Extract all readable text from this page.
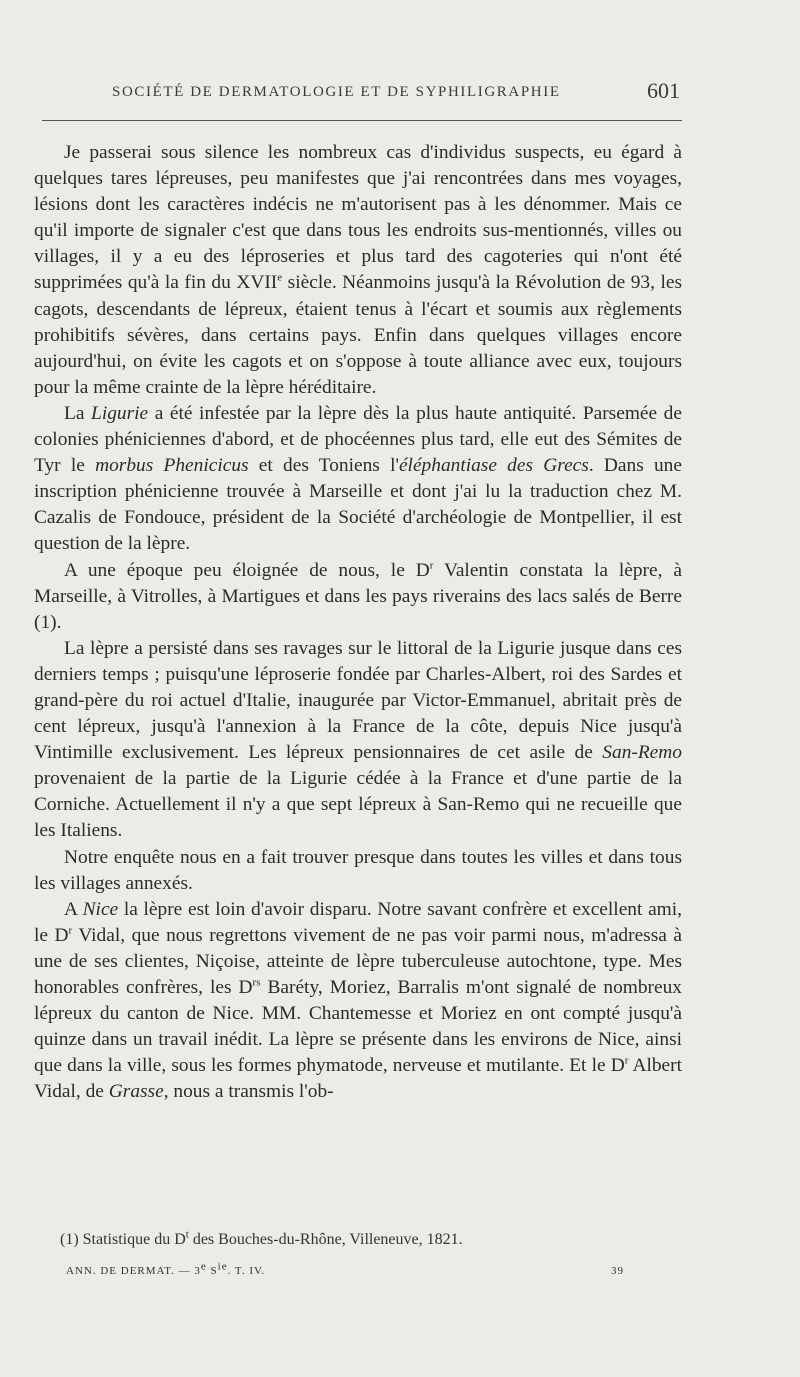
SOCIÉTÉ DE DERMATOLOGIE ET DE SYPHILIGRAPHIE	601

Je passerai sous silence les nombreux cas d'individus suspects, eu égard à quelques tares lépreuses, peu manifestes que j'ai rencontrées dans mes voyages, lésions dont les caractères indécis ne m'autorisent pas à les dénommer. Mais ce qu'il importe de signaler c'est que dans tous les endroits sus-mentionnés, villes ou villages, il y a eu des léproseries et plus tard des cagoteries qui n'ont été supprimées qu'à la fin du XVIIe siècle. Néanmoins jusqu'à la Révolution de 93, les cagots, descendants de lépreux, étaient tenus à l'écart et soumis aux règlements prohibitifs sévères, dans certains pays. Enfin dans quelques villages encore aujourd'hui, on évite les cagots et on s'oppose à toute alliance avec eux, toujours pour la même crainte de la lèpre héréditaire.

La Ligurie a été infestée par la lèpre dès la plus haute antiquité. Parsemée de colonies phéniciennes d'abord, et de phocéennes plus tard, elle eut des Sémites de Tyr le morbus Phenicicus et des Toniens l'éléphantiase des Grecs. Dans une inscription phénicienne trouvée à Marseille et dont j'ai lu la traduction chez M. Cazalis de Fondouce, président de la Société d'archéologie de Montpellier, il est question de la lèpre.

A une époque peu éloignée de nous, le $D^r$ Valentin constata la lèpre, à Marseille, à Vitrolles, à Martigues et dans les pays riverains des lacs salés de Berre (1).

La lèpre a persisté dans ses ravages sur le littoral de la Ligurie jusque dans ces derniers temps ; puisqu'une léproserie fondée par Charles-Albert, roi des Sardes et grand-père du roi actuel d'Italie, inaugurée par Victor-Emmanuel, abritait près de cent lépreux, jusqu'à l'annexion à la France de la côte, depuis Nice jusqu'à Vintimille exclusivement. Les lépreux pensionnaires de cet asile de San-Remo provenaient de la partie de la Ligurie cédée à la France et d'une partie de la Corniche. Actuellement il n'y a que sept lépreux à San-Remo qui ne recueille que les Italiens.

Notre enquête nous en a fait trouver presque dans toutes les villes et dans tous les villages annexés.

A Nice la lèpre est loin d'avoir disparu. Notre savant confrère et excellent ami, le $D^r$ Vidal, que nous regrettons vivement de ne pas voir parmi nous, m'adressa à une de ses clientes, Niçoise, atteinte de lèpre tuberculeuse autochtone, type. Mes honorables confrères, les $D^{rs}$ Baréty, Moriez, Barralis m'ont signalé de nombreux lépreux du canton de Nice. MM. Chantemesse et Moriez en ont compté jusqu'à quinze dans un travail inédit. La lèpre se présente dans les environs de Nice, ainsi que dans la ville, sous les formes phymatode, nerveuse et mutilante. Et le $D^r$ Albert Vidal, de Grasse, nous a transmis l'ob-

(1) Statistique du $D^t$ des Bouches-du-Rhône, Villeneuve, 1821.
ANN. DE DERMAT. — 3e $S^{ie}$. T. IV.	39
